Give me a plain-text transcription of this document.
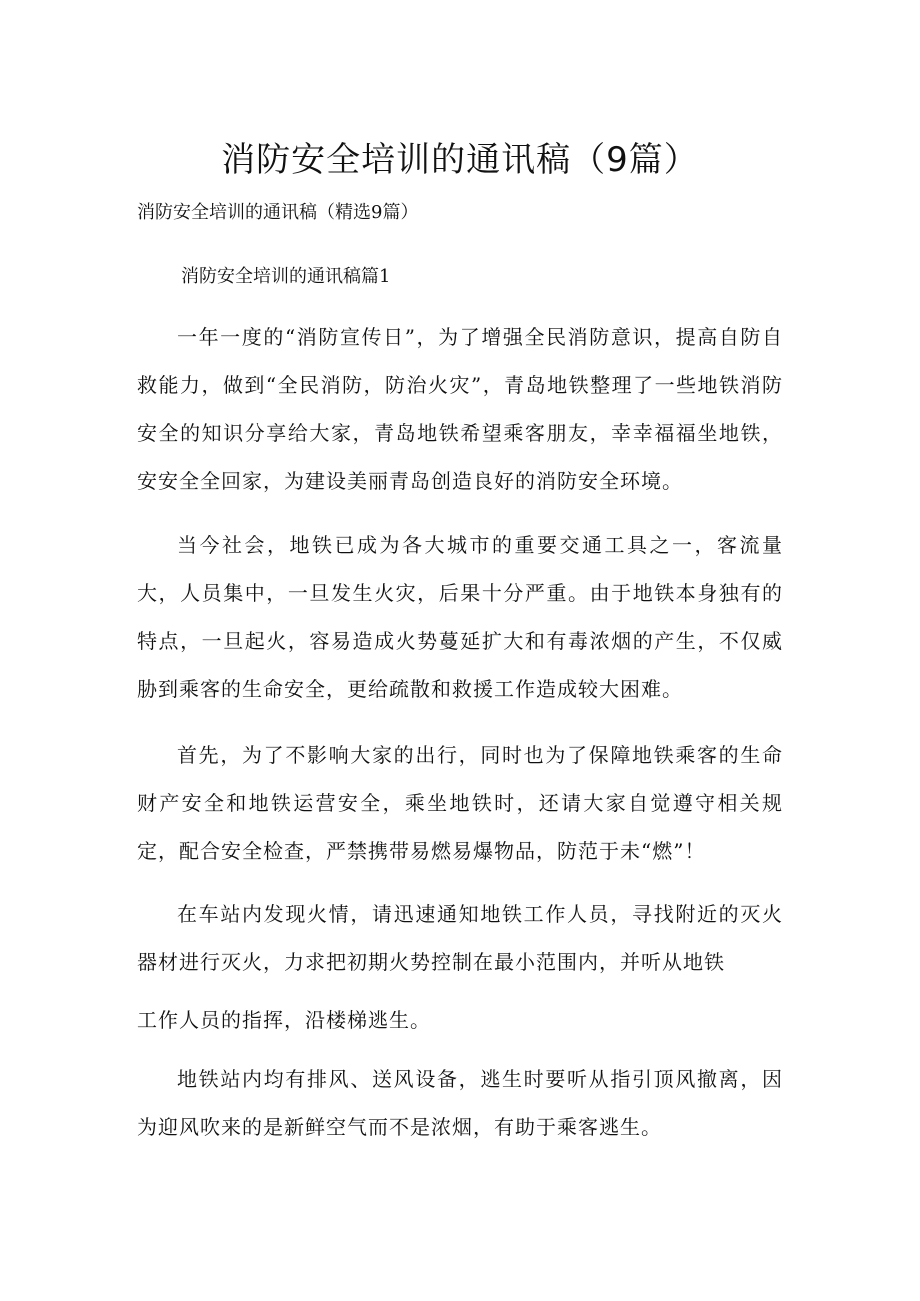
消防安全培训的通讯稿（9篇）

消防安全培训的通讯稿（精选9篇）

消防安全培训的通讯稿篇1

一年一度的“消防宣传日”，为了增强全民消防意识，提高自防自救能力，做到“全民消防，防治火灾”，青岛地铁整理了一些地铁消防安全的知识分享给大家，青岛地铁希望乘客朋友，幸幸福福坐地铁，安安全全回家，为建设美丽青岛创造良好的消防安全环境。

当今社会，地铁已成为各大城市的重要交通工具之一，客流量大，人员集中，一旦发生火灾，后果十分严重。由于地铁本身独有的特点，一旦起火，容易造成火势蔓延扩大和有毒浓烟的产生，不仅威胁到乘客的生命安全，更给疏散和救援工作造成较大困难。

首先，为了不影响大家的出行，同时也为了保障地铁乘客的生命财产安全和地铁运营安全，乘坐地铁时，还请大家自觉遵守相关规定，配合安全检查，严禁携带易燃易爆物品，防范于未“燃”！

在车站内发现火情，请迅速通知地铁工作人员，寻找附近的灭火器材进行灭火，力求把初期火势控制在最小范围内，并听从地铁

工作人员的指挥，沿楼梯逃生。

地铁站内均有排风、送风设备，逃生时要听从指引顶风撤离，因为迎风吹来的是新鲜空气而不是浓烟，有助于乘客逃生。
